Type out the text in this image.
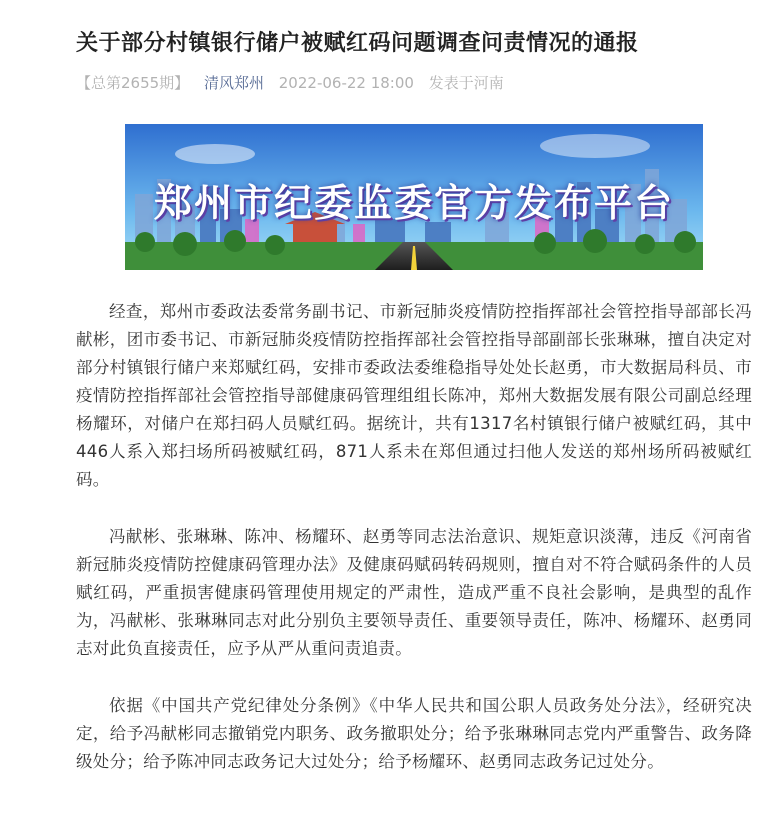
关于部分村镇银行储户被赋红码问题调查问责情况的通报
【总第2655期】 清风郑州 2022-06-22 18:00 发表于河南
郑州市纪委监委官方发布平台

经查，郑州市委政法委常务副书记、市新冠肺炎疫情防控指挥部社会管控指导部部长冯献彬，团市委书记、市新冠肺炎疫情防控指挥部社会管控指导部副部长张琳琳，擅自决定对部分村镇银行储户来郑赋红码，安排市委政法委维稳指导处处长赵勇，市大数据局科员、市疫情防控指挥部社会管控指导部健康码管理组组长陈冲，郑州大数据发展有限公司副总经理杨耀环，对储户在郑扫码人员赋红码。据统计，共有1317名村镇银行储户被赋红码，其中446人系入郑扫场所码被赋红码，871人系未在郑但通过扫他人发送的郑州场所码被赋红码。

冯献彬、张琳琳、陈冲、杨耀环、赵勇等同志法治意识、规矩意识淡薄，违反《河南省新冠肺炎疫情防控健康码管理办法》及健康码赋码转码规则，擅自对不符合赋码条件的人员赋红码，严重损害健康码管理使用规定的严肃性，造成严重不良社会影响，是典型的乱作为，冯献彬、张琳琳同志对此分别负主要领导责任、重要领导责任，陈冲、杨耀环、赵勇同志对此负直接责任，应予从严从重问责追责。

依据《中国共产党纪律处分条例》《中华人民共和国公职人员政务处分法》，经研究决定，给予冯献彬同志撤销党内职务、政务撤职处分；给予张琳琳同志党内严重警告、政务降级处分；给予陈冲同志政务记大过处分；给予杨耀环、赵勇同志政务记过处分。
